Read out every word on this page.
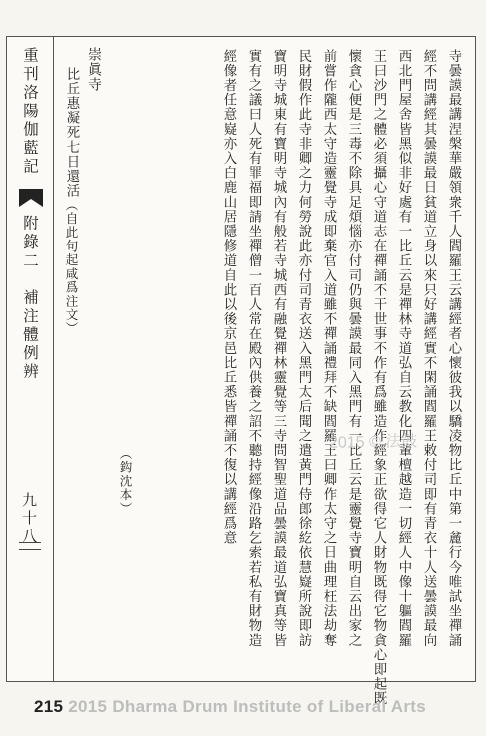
重刊洛陽伽藍記
附錄二　補注體例辨
九十八	寺曇謨最講涅槃華嚴領衆千人閻羅王云講經者心懷彼我以驕凌物比丘中第一麄行今唯試坐禪誦
經不問講經其曇謨最日貧道立身以來只好講經實不閑誦閻羅王敕付司即有青衣十人送曇謨最向
西北門屋舍皆黑似非好處有一比丘云是禪林寺道弘自云教化四輩檀越造一切經人中像十軀閻羅
王曰沙門之體必須攝心守道志在禪誦不干世事不作有爲雖造作經象正欲得它人財物既得它物貪心即起既
懷貪心便是三毒不除具足煩惱亦付司仍與曇謨最同入黑門有一比丘云是靈覺寺寶明自云出家之
前嘗作隴西太守造靈覺寺成即棄官入道雖不禪誦禮拜不缺閻羅王曰卿作太守之日曲理枉法劫奪
民財假作此寺非卿之力何勞說此亦付司青衣送入黑門太后聞之遣黃門侍郎徐紇依慧嶷所說即訪
寶明寺城東有寶明寺城內有般若寺城西有融覺禪林靈覺等三寺問智聖道品曇謨最道弘寶真等皆
實有之議曰人死有罪福即請坐禪僧一百人常在殿內供養之詔不聽持經像沿路乞索若私有財物造
經像者任意嶷亦入白鹿山居隱修道自此以後京邑比丘悉皆禪誦不復以講經爲意
（鈎沈本）
崇眞寺
比丘惠凝死七日還活（自此句起咸爲注文）
2015 © 法鼓
215 2015 Dharma Drum Institute of Liberal Arts
